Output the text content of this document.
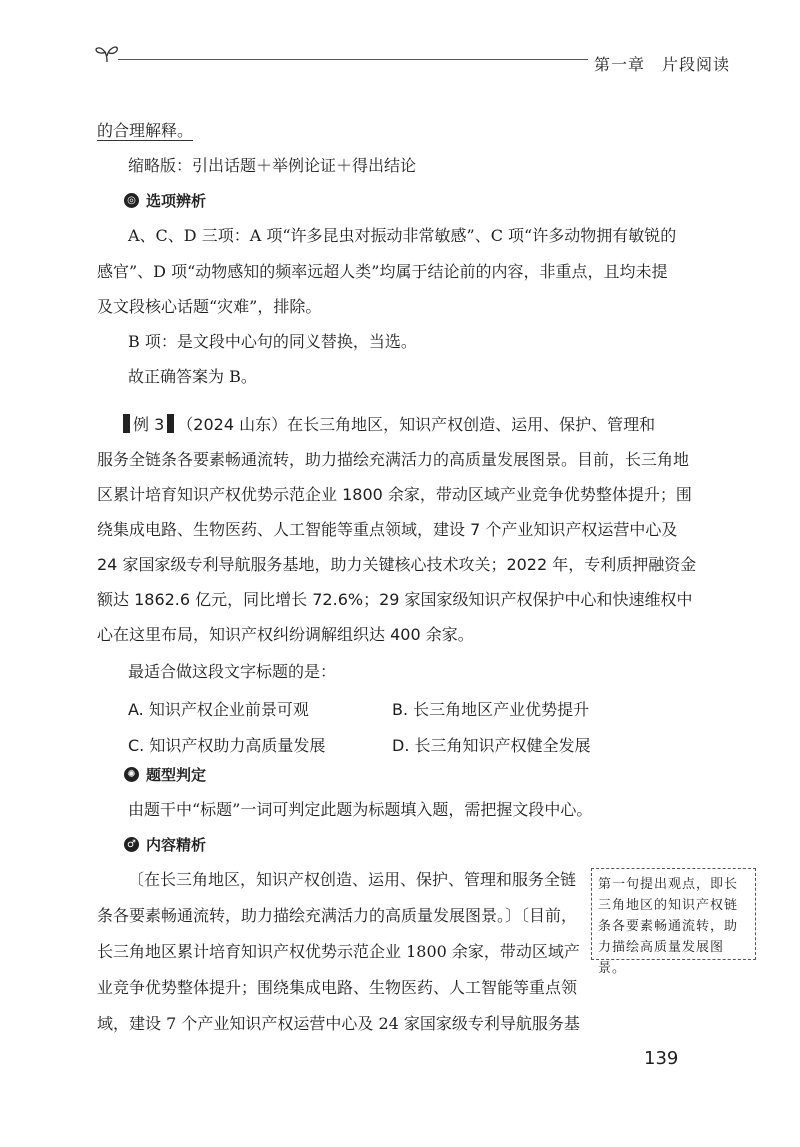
第一章　片段阅读
的合理解释。
缩略版：引出话题＋举例论证＋得出结论
◎ 选项辨析
A、C、D 三项：A 项“许多昆虫对振动非常敏感”、C 项“许多动物拥有敏锐的
感官”、D 项“动物感知的频率远超人类”均属于结论前的内容，非重点，且均未提
及文段核心话题“灾难”，排除。
B 项：是文段中心句的同义替换，当选。
故正确答案为 B。
例 3 （2024 山东）在长三角地区，知识产权创造、运用、保护、管理和
服务全链条各要素畅通流转，助力描绘充满活力的高质量发展图景。目前，长三角地
区累计培育知识产权优势示范企业 1800 余家，带动区域产业竞争优势整体提升；围
绕集成电路、生物医药、人工智能等重点领域，建设 7 个产业知识产权运营中心及
24 家国家级专利导航服务基地，助力关键核心技术攻关；2022 年，专利质押融资金
额达 1862.6 亿元，同比增长 72.6%；29 家国家级知识产权保护中心和快速维权中
心在这里布局，知识产权纠纷调解组织达 400 余家。
最适合做这段文字标题的是：
A. 知识产权企业前景可观	B. 长三角地区产业优势提升
C. 知识产权助力高质量发展	D. 长三角知识产权健全发展
✺ 题型判定
由题干中“标题”一词可判定此题为标题填入题，需把握文段中心。
♂ 内容精析
〔在长三角地区，知识产权创造、运用、保护、管理和服务全链
条各要素畅通流转，助力描绘充满活力的高质量发展图景。〕〔目前，
长三角地区累计培育知识产权优势示范企业 1800 余家，带动区域产
业竞争优势整体提升；围绕集成电路、生物医药、人工智能等重点领
域，建设 7 个产业知识产权运营中心及 24 家国家级专利导航服务基
第一句提出观点，即长三角地区的知识产权链条各要素畅通流转，助力描绘高质量发展图景。
139
